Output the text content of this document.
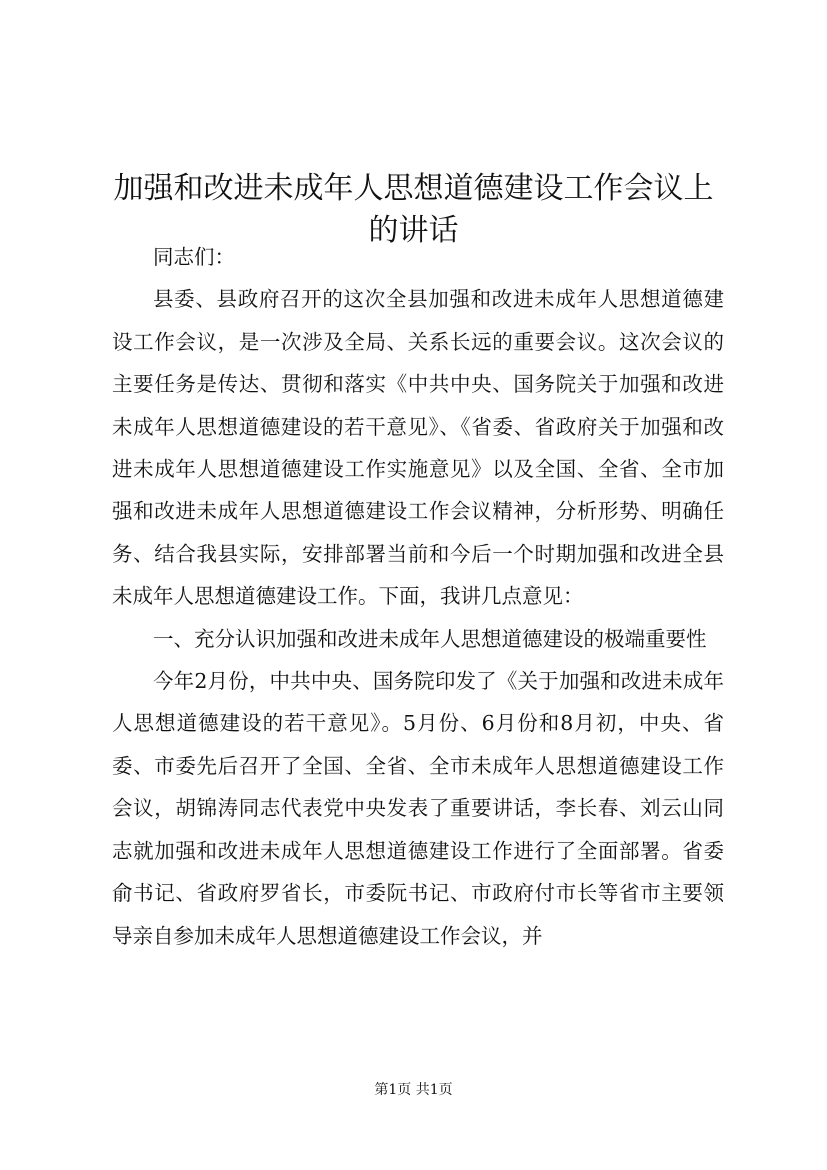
加强和改进未成年人思想道德建设工作会议上的讲话

同志们：

县委、县政府召开的这次全县加强和改进未成年人思想道德建设工作会议，是一次涉及全局、关系长远的重要会议。这次会议的主要任务是传达、贯彻和落实《中共中央、国务院关于加强和改进未成年人思想道德建设的若干意见》、《省委、省政府关于加强和改进未成年人思想道德建设工作实施意见》以及全国、全省、全市加强和改进未成年人思想道德建设工作会议精神，分析形势、明确任务、结合我县实际，安排部署当前和今后一个时期加强和改进全县未成年人思想道德建设工作。下面，我讲几点意见：

一、充分认识加强和改进未成年人思想道德建设的极端重要性

今年2月份，中共中央、国务院印发了《关于加强和改进未成年人思想道德建设的若干意见》。5月份、6月份和8月初，中央、省委、市委先后召开了全国、全省、全市未成年人思想道德建设工作会议，胡锦涛同志代表党中央发表了重要讲话，李长春、刘云山同志就加强和改进未成年人思想道德建设工作进行了全面部署。省委俞书记、省政府罗省长，市委阮书记、市政府付市长等省市主要领导亲自参加未成年人思想道德建设工作会议，并

第1页 共1页
